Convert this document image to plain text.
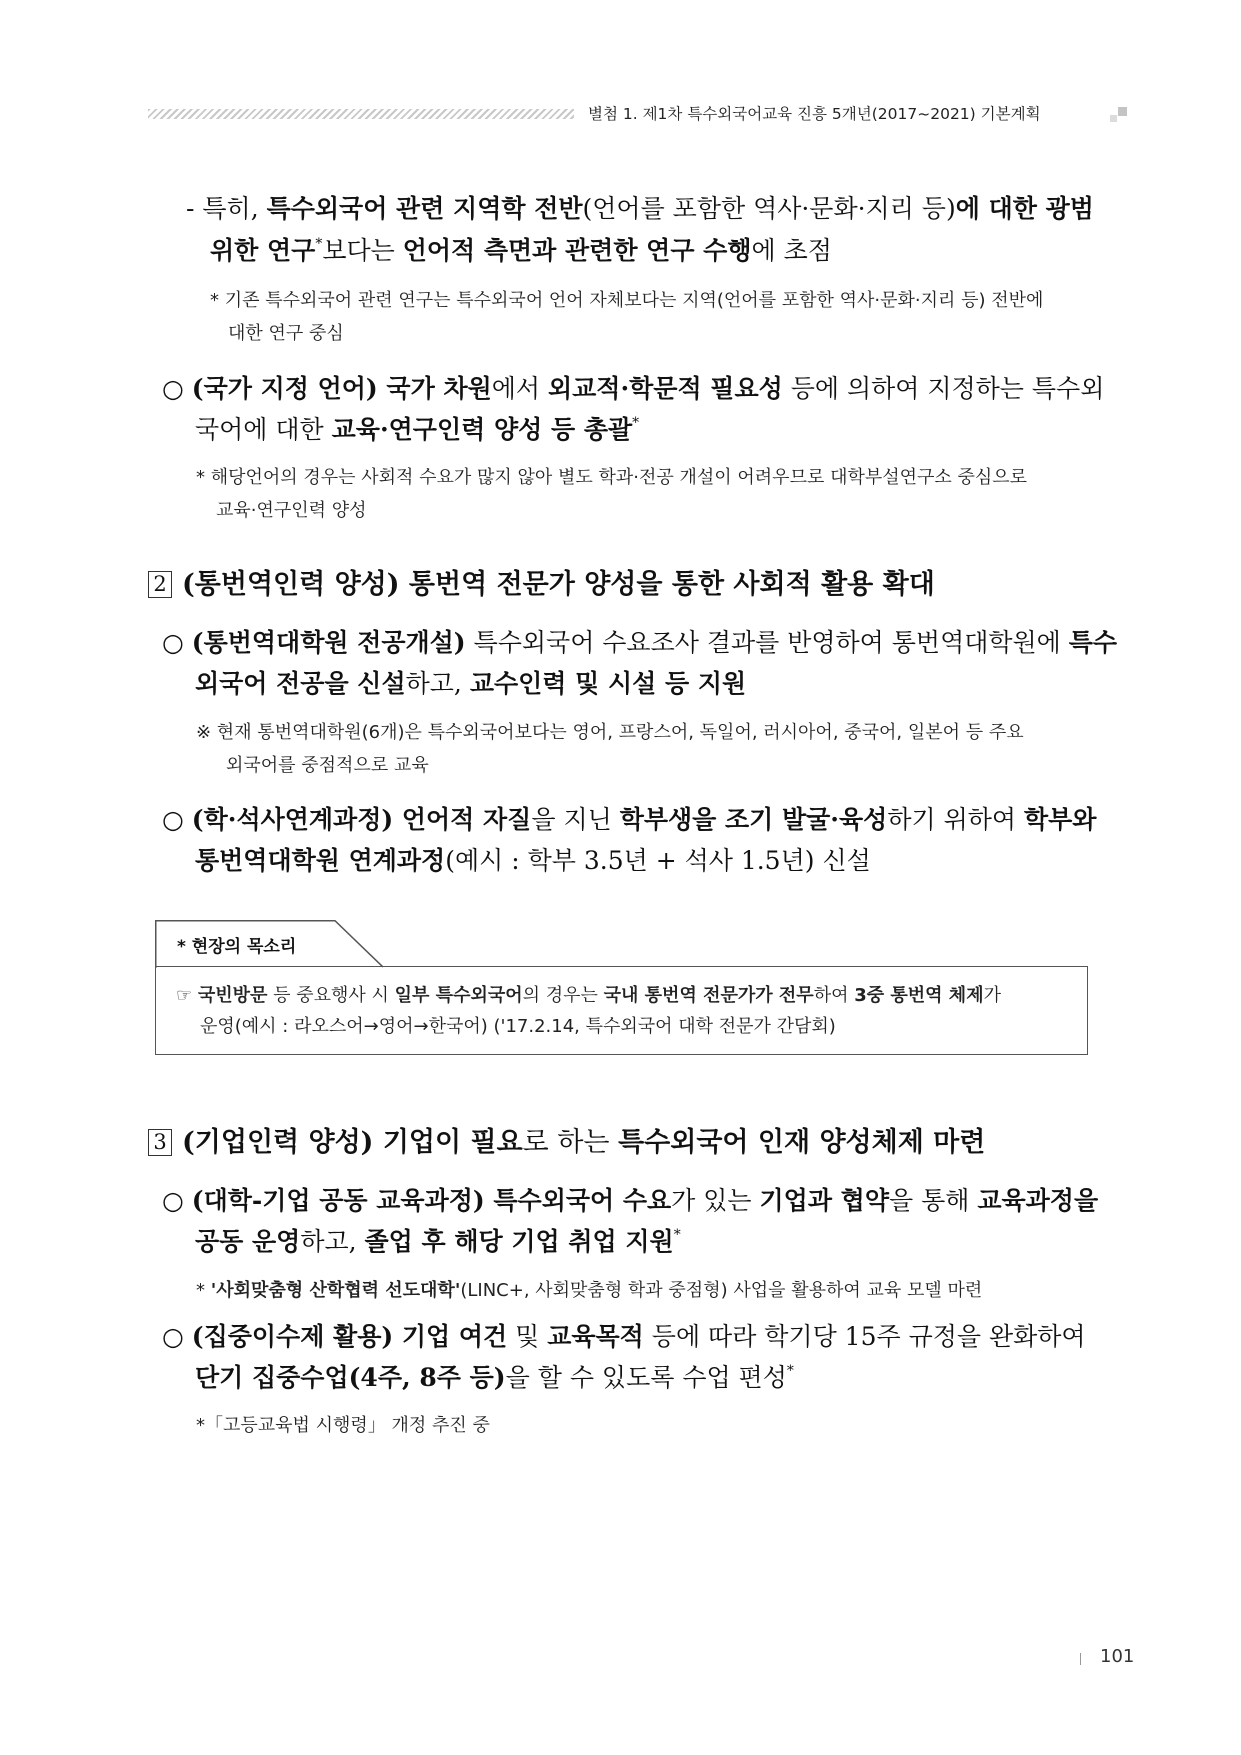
별첨 1. 제1차 특수외국어교육 진흥 5개년(2017~2021) 기본계획
- 특히, 특수외국어 관련 지역학 전반(언어를 포함한 역사·문화·지리 등)에 대한 광범
위한 연구*보다는 언어적 측면과 관련한 연구 수행에 초점
* 기존 특수외국어 관련 연구는 특수외국어 언어 자체보다는 지역(언어를 포함한 역사·문화·지리 등) 전반에
대한 연구 중심
○ (국가 지정 언어) 국가 차원에서 외교적·학문적 필요성 등에 의하여 지정하는 특수외
국어에 대한 교육·연구인력 양성 등 총괄*
* 해당언어의 경우는 사회적 수요가 많지 않아 별도 학과·전공 개설이 어려우므로 대학부설연구소 중심으로
교육·연구인력 양성
2 (통번역인력 양성) 통번역 전문가 양성을 통한 사회적 활용 확대
○ (통번역대학원 전공개설) 특수외국어 수요조사 결과를 반영하여 통번역대학원에 특수
외국어 전공을 신설하고, 교수인력 및 시설 등 지원
※ 현재 통번역대학원(6개)은 특수외국어보다는 영어, 프랑스어, 독일어, 러시아어, 중국어, 일본어 등 주요
외국어를 중점적으로 교육
○ (학·석사연계과정) 언어적 자질을 지닌 학부생을 조기 발굴·육성하기 위하여 학부와
통번역대학원 연계과정(예시 : 학부 3.5년 + 석사 1.5년) 신설
* 현장의 목소리
☞ 국빈방문 등 중요행사 시 일부 특수외국어의 경우는 국내 통번역 전문가가 전무하여 3중 통번역 체제가
운영(예시 : 라오스어→영어→한국어) ('17.2.14, 특수외국어 대학 전문가 간담회)
3 (기업인력 양성) 기업이 필요로 하는 특수외국어 인재 양성체제 마련
○ (대학-기업 공동 교육과정) 특수외국어 수요가 있는 기업과 협약을 통해 교육과정을
공동 운영하고, 졸업 후 해당 기업 취업 지원*
* '사회맞춤형 산학협력 선도대학'(LINC+, 사회맞춤형 학과 중점형) 사업을 활용하여 교육 모델 마련
○ (집중이수제 활용) 기업 여건 및 교육목적 등에 따라 학기당 15주 규정을 완화하여
단기 집중수업(4주, 8주 등)을 할 수 있도록 수업 편성*
*「고등교육법 시행령」 개정 추진 중
101
